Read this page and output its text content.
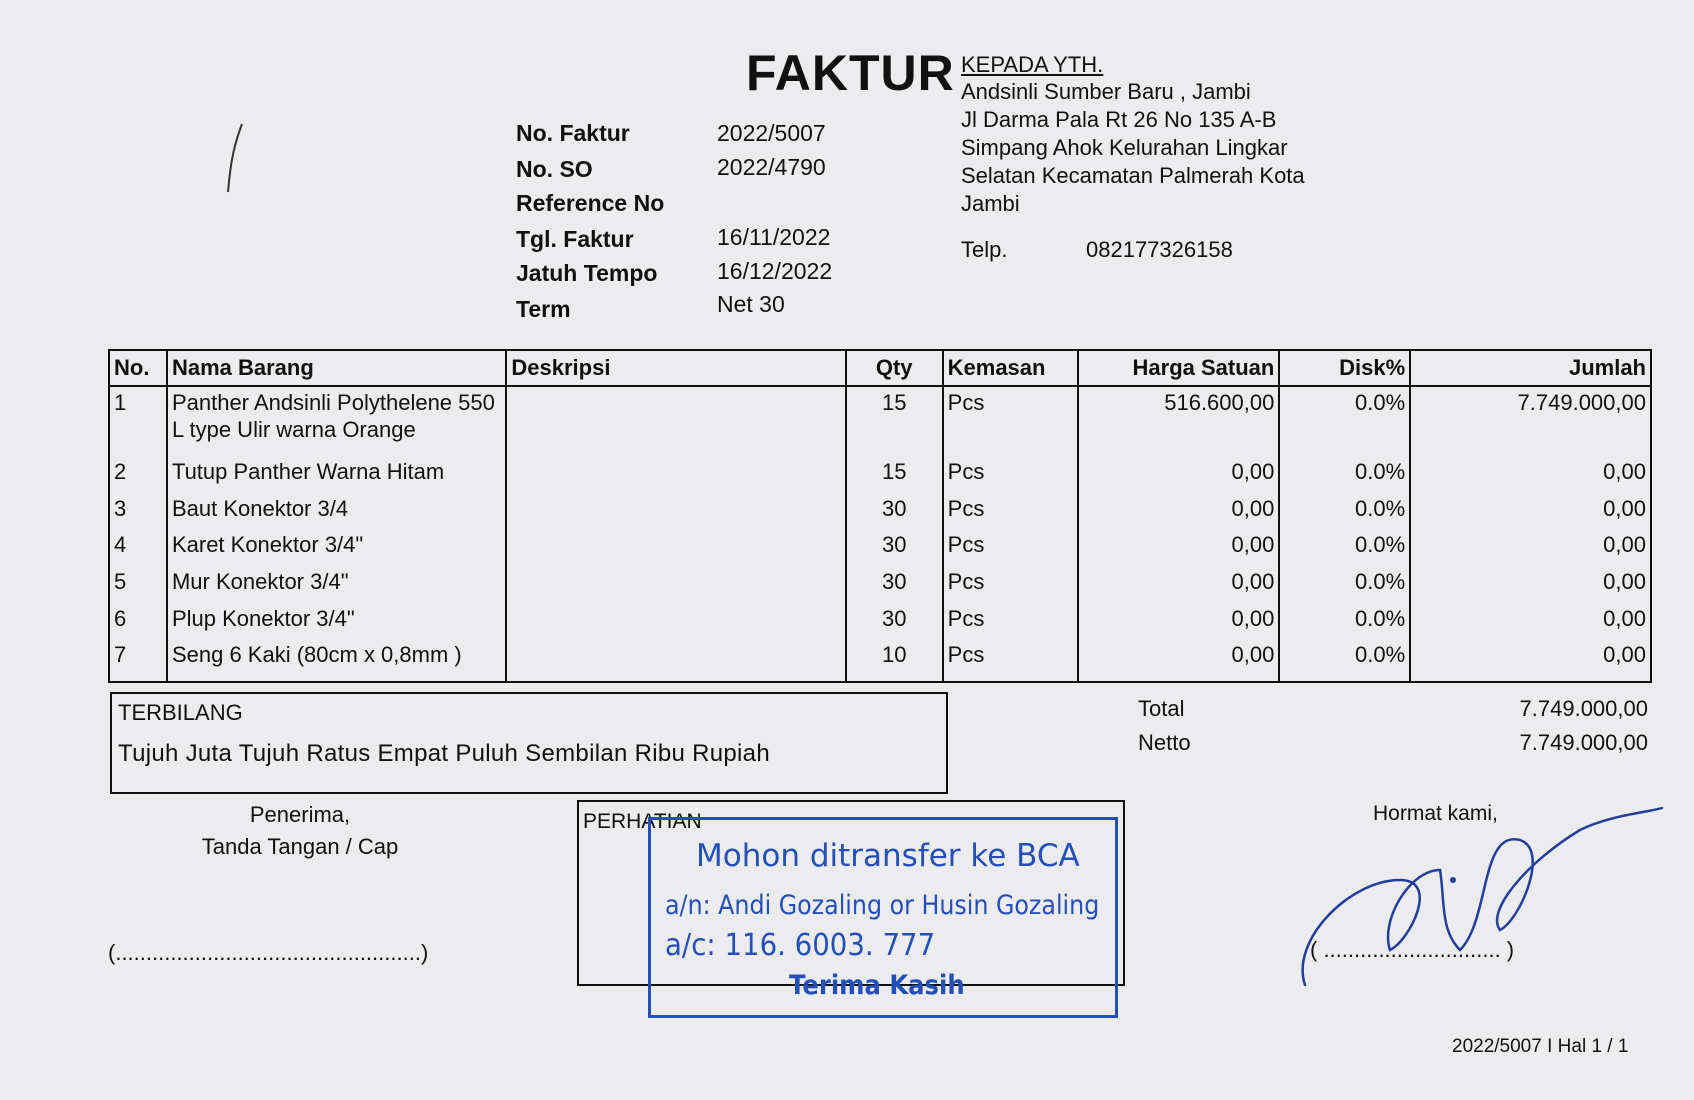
FAKTUR
No. Faktur	2022/5007
No. SO	2022/4790
Reference No
Tgl. Faktur	16/11/2022
Jatuh Tempo	16/12/2022
Term	Net 30
KEPADA YTH.
Andsinli Sumber Baru , Jambi
Jl Darma Pala Rt 26 No 135 A-B
Simpang Ahok Kelurahan Lingkar
Selatan Kecamatan Palmerah Kota
Jambi
Telp.	082177326158
No.	Nama Barang	Deskripsi	Qty	Kemasan	Harga Satuan	Disk%	Jumlah
1	Panther Andsinli Polythelene 550 L type Ulir warna Orange		15	Pcs	516.600,00	0.0%	7.749.000,00
2	Tutup Panther Warna Hitam		15	Pcs	0,00	0.0%	0,00
3	Baut Konektor 3/4		30	Pcs	0,00	0.0%	0,00
4	Karet Konektor 3/4"		30	Pcs	0,00	0.0%	0,00
5	Mur Konektor 3/4"		30	Pcs	0,00	0.0%	0,00
6	Plup Konektor 3/4"		30	Pcs	0,00	0.0%	0,00
7	Seng 6 Kaki (80cm x 0,8mm )		10	Pcs	0,00	0.0%	0,00

TERBILANG
Tujuh Juta Tujuh Ratus Empat Puluh Sembilan Ribu Rupiah
Total	7.749.000,00
Netto	7.749.000,00
Penerima,
Tanda Tangan / Cap
(..................................................)
PERHATIAN
Mohon ditransfer ke BCA
a/n: Andi Gozaling or Husin Gozaling
a/c: 116. 6003. 777
Terima Kasih
Hormat kami,
( ............................. )
2022/5007 I Hal 1 / 1
